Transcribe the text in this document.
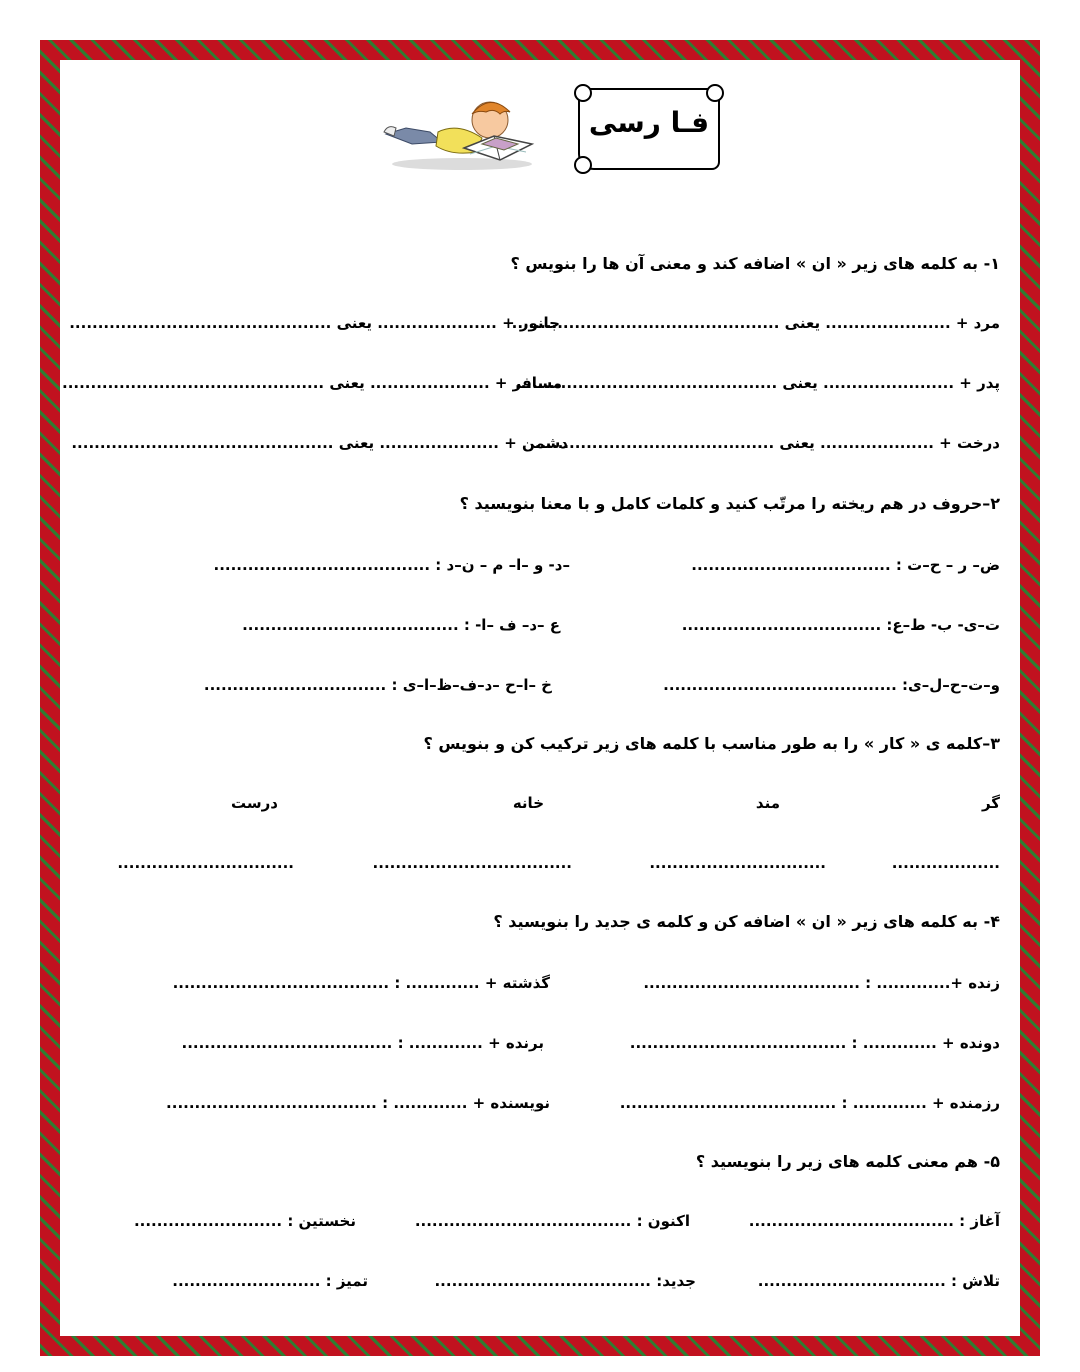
فـا رسی
۱- به کلمه های زیر « ان » اضافه کند و معنی آن ها را بنویس ؟
مرد + ...................... یعنی ...............................................
جانور + ..................... یعنی ..............................................
پدر + ....................... یعنی ..............................................
مسافر + ..................... یعنی ..............................................
درخت + .................... یعنی ..........................................
دشمن + ..................... یعنی ..............................................
۲–حروف در هم ریخته را مرتّب کنید و کلمات کامل و با معنا بنویسید ؟
ض– ر – ح–ت : ...................................
–د- و –ا– م – ن–د : ......................................
ت–ی- ب- ط–ع: ...................................
ع –د– ف –ا- : ......................................
و–ت–ح–ل–ی: .........................................
خ –ا–ح –د–ف–ظ–ا–ی : ................................
۳–کلمه ی « کار » را به طور مناسب با کلمه های زیر ترکیب کن و بنویس ؟
گر
مند
خانه
درست
...................
...............................
...................................
...............................
۴- به کلمه های زیر « ان » اضافه کن و کلمه ی جدید را بنویسید ؟
زنده +............. : ......................................
گذشته + ............. : ......................................
دونده + ............. : ......................................
برنده + ............. : .....................................
رزمنده + ............. : ......................................
نویسنده + ............. : .....................................
۵- هم معنی کلمه های زیر را بنویسید ؟
آغاز : ....................................
اکنون : ......................................
نخستین : ..........................
تلاش : .................................
جدید: ......................................
تمیز : ..........................
